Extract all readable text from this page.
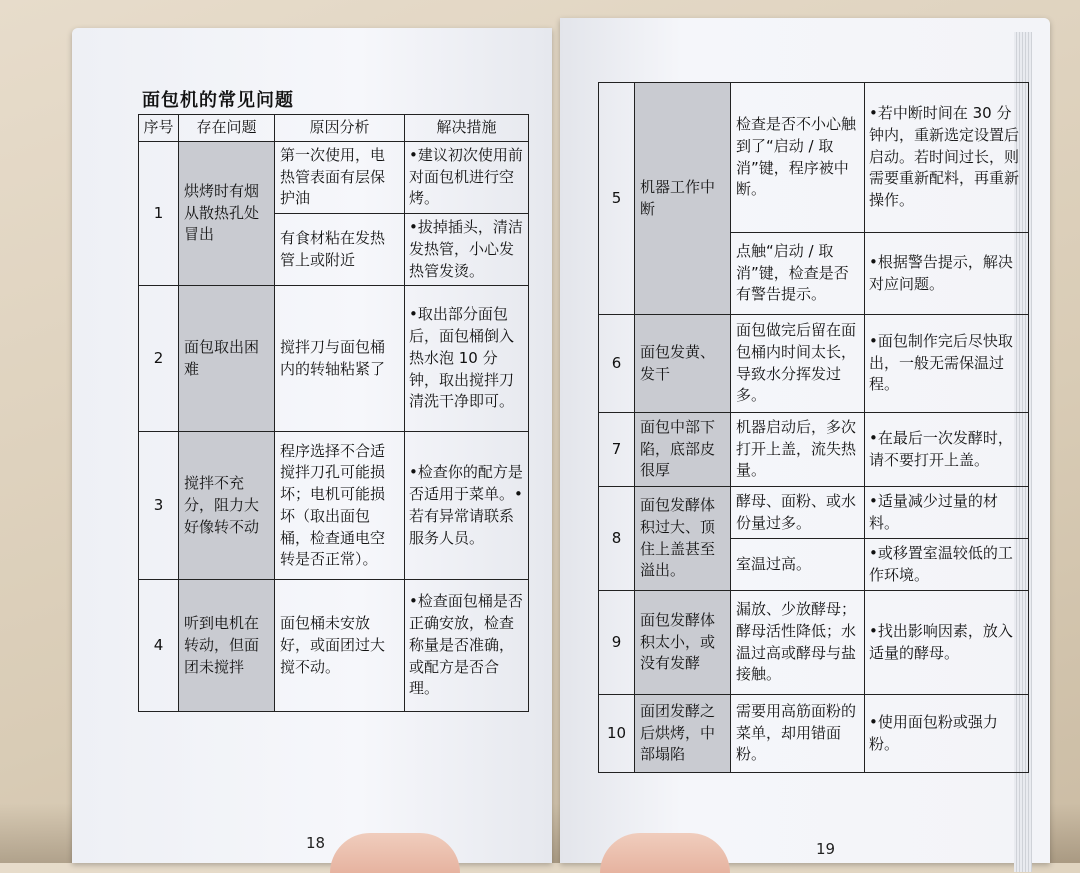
面包机的常见问题
序号	存在问题	原因分析	解决措施
1	烘烤时有烟从散热孔处冒出	第一次使用，电热管表面有层保护油	•建议初次使用前对面包机进行空烤。
		有食材粘在发热管上或附近	•拔掉插头，清洁发热管，小心发热管发烫。
2	面包取出困难	搅拌刀与面包桶内的转轴粘紧了	•取出部分面包后，面包桶倒入热水泡 10 分钟，取出搅拌刀清洗干净即可。
3	搅拌不充分，阻力大好像转不动	程序选择不合适搅拌刀孔可能损坏；电机可能损坏（取出面包桶，检查通电空转是否正常）。	•检查你的配方是否适用于菜单。•若有异常请联系服务人员。
4	听到电机在转动，但面团未搅拌	面包桶未安放好，或面团过大搅不动。	•检查面包桶是否正确安放，检查称量是否准确，或配方是否合理。
18
5	机器工作中断	检查是否不小心触到了“启动 / 取消”键，程序被中断。	•若中断时间在 30 分钟内，重新选定设置后启动。若时间过长，则需要重新配料，再重新操作。
		点触“启动 / 取消”键，检查是否有警告提示。	•根据警告提示，解决对应问题。
6	面包发黄、发干	面包做完后留在面包桶内时间太长，导致水分挥发过多。	•面包制作完后尽快取出，一般无需保温过程。
7	面包中部下陷，底部皮很厚	机器启动后，多次打开上盖，流失热量。	•在最后一次发酵时，请不要打开上盖。
8	面包发酵体积过大、顶住上盖甚至溢出。	酵母、面粉、或水份量过多。	•适量减少过量的材料。
		室温过高。	•或移置室温较低的工作环境。
9	面包发酵体积太小，或没有发酵	漏放、少放酵母；酵母活性降低；水温过高或酵母与盐接触。	•找出影响因素，放入适量的酵母。
10	面团发酵之后烘烤，中部塌陷	需要用高筋面粉的菜单，却用错面粉。	•使用面包粉或强力粉。
19
